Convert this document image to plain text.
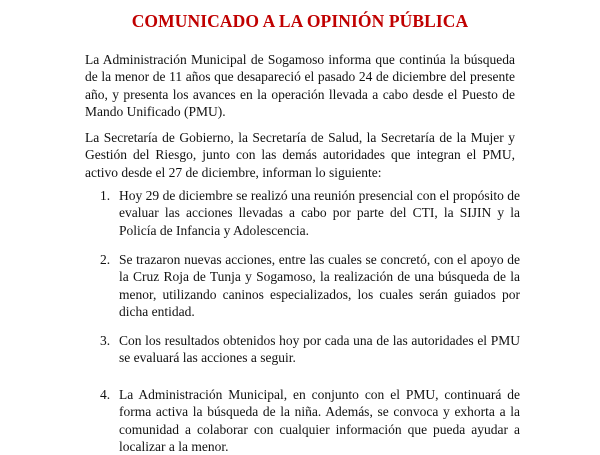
COMUNICADO A LA OPINIÓN PÚBLICA

La Administración Municipal de Sogamoso informa que continúa la búsqueda de la menor de 11 años que desapareció el pasado 24 de diciembre del presente año, y presenta los avances en la operación llevada a cabo desde el Puesto de Mando Unificado (PMU).

La Secretaría de Gobierno, la Secretaría de Salud, la Secretaría de la Mujer y Gestión del Riesgo, junto con las demás autoridades que integran el PMU, activo desde el 27 de diciembre, informan lo siguiente:

1. Hoy 29 de diciembre se realizó una reunión presencial con el propósito de evaluar las acciones llevadas a cabo por parte del CTI, la SIJIN y la Policía de Infancia y Adolescencia.
2. Se trazaron nuevas acciones, entre las cuales se concretó, con el apoyo de la Cruz Roja de Tunja y Sogamoso, la realización de una búsqueda de la menor, utilizando caninos especializados, los cuales serán guiados por dicha entidad.
3. Con los resultados obtenidos hoy por cada una de las autoridades el PMU se evaluará las acciones a seguir.
4. La Administración Municipal, en conjunto con el PMU, continuará de forma activa la búsqueda de la niña. Además, se convoca y exhorta a la comunidad a colaborar con cualquier información que pueda ayudar a localizar a la menor.
